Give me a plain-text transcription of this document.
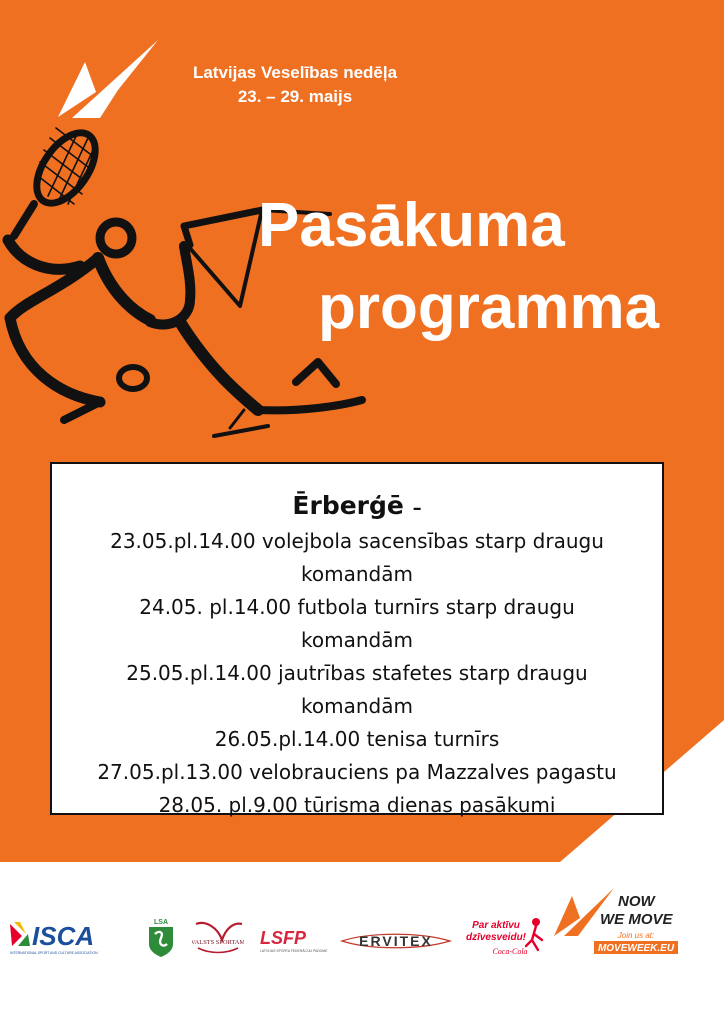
Latvijas Veselības nedēļa
23. – 29. maijs
Pasākuma
programma
Ērberģē –
23.05.pl.14.00 volejbola sacensības starp draugu
komandām
24.05. pl.14.00 futbola turnīrs starp draugu
komandām
25.05.pl.14.00 jautrības stafetes starp draugu
komandām
26.05.pl.14.00 tenisa turnīrs
27.05.pl.13.00 velobrauciens pa Mazzalves pagastu
28.05. pl.9.00 tūrisma dienas pasākumi
ISCA
INTERNATIONAL SPORT AND CULTURE ASSOCIATION
LSA
VALSTS SPORTAM LSFP
LATVIJAS SPORTA FEDERĀCIJU PADOME
ERVITEX
Par aktīvu
dzīvesveidu!
Coca-Cola
NOW
WE MOVE
Join us at:
MOVEWEEK.EU
